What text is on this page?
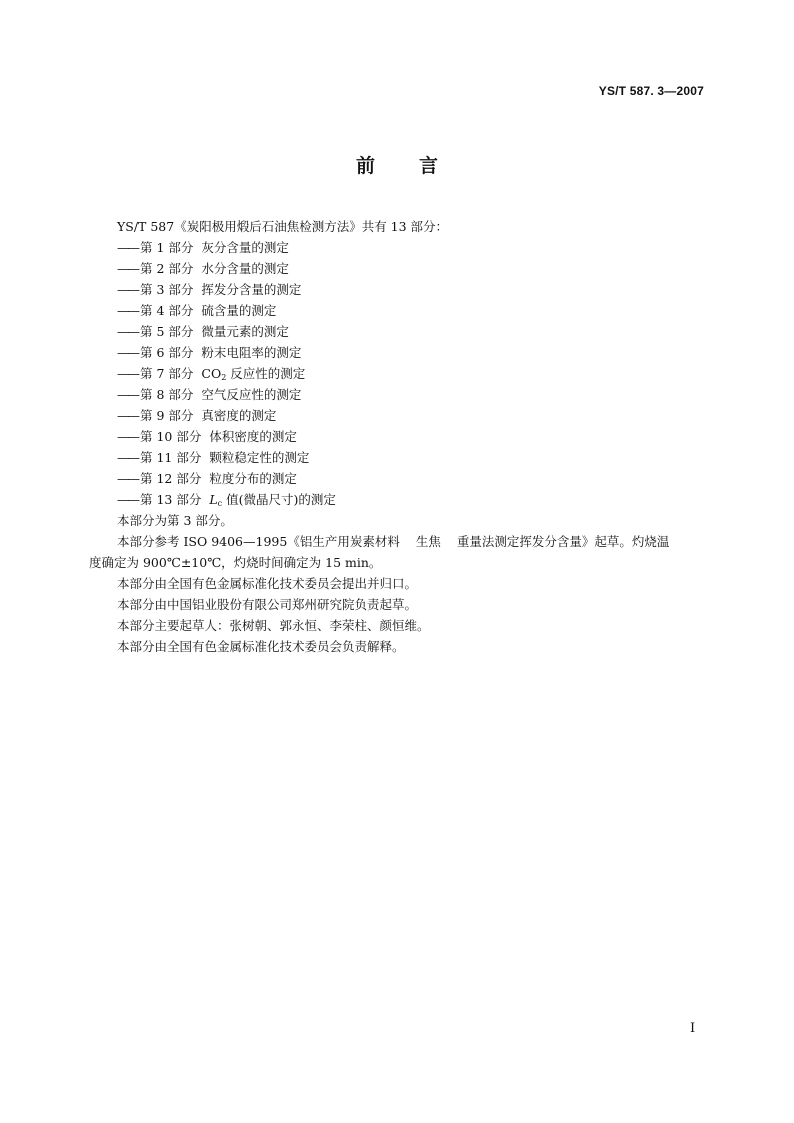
YS/T 587. 3—2007
前言
YS/T 587《炭阳极用煅后石油焦检测方法》共有 13 部分：
—— 第 1 部分 灰分含量的测定
—— 第 2 部分 水分含量的测定
—— 第 3 部分 挥发分含量的测定
—— 第 4 部分 硫含量的测定
—— 第 5 部分 微量元素的测定
—— 第 6 部分 粉末电阻率的测定
—— 第 7 部分 $CO_2$ 反应性的测定
—— 第 8 部分 空气反应性的测定
—— 第 9 部分 真密度的测定
—— 第 10 部分 体积密度的测定
—— 第 11 部分 颗粒稳定性的测定
—— 第 12 部分 粒度分布的测定
—— 第 13 部分 $L_c$ 值(微晶尺寸)的测定
本部分为第 3 部分。
本部分参考 ISO 9406—1995《铝生产用炭素材料 生焦 重量法测定挥发分含量》起草。灼烧温
度确定为 900℃±10℃，灼烧时间确定为 15 min。
本部分由全国有色金属标准化技术委员会提出并归口。
本部分由中国铝业股份有限公司郑州研究院负责起草。
本部分主要起草人：张树朝、郭永恒、李荣柱、颜恒维。
本部分由全国有色金属标准化技术委员会负责解释。
I
